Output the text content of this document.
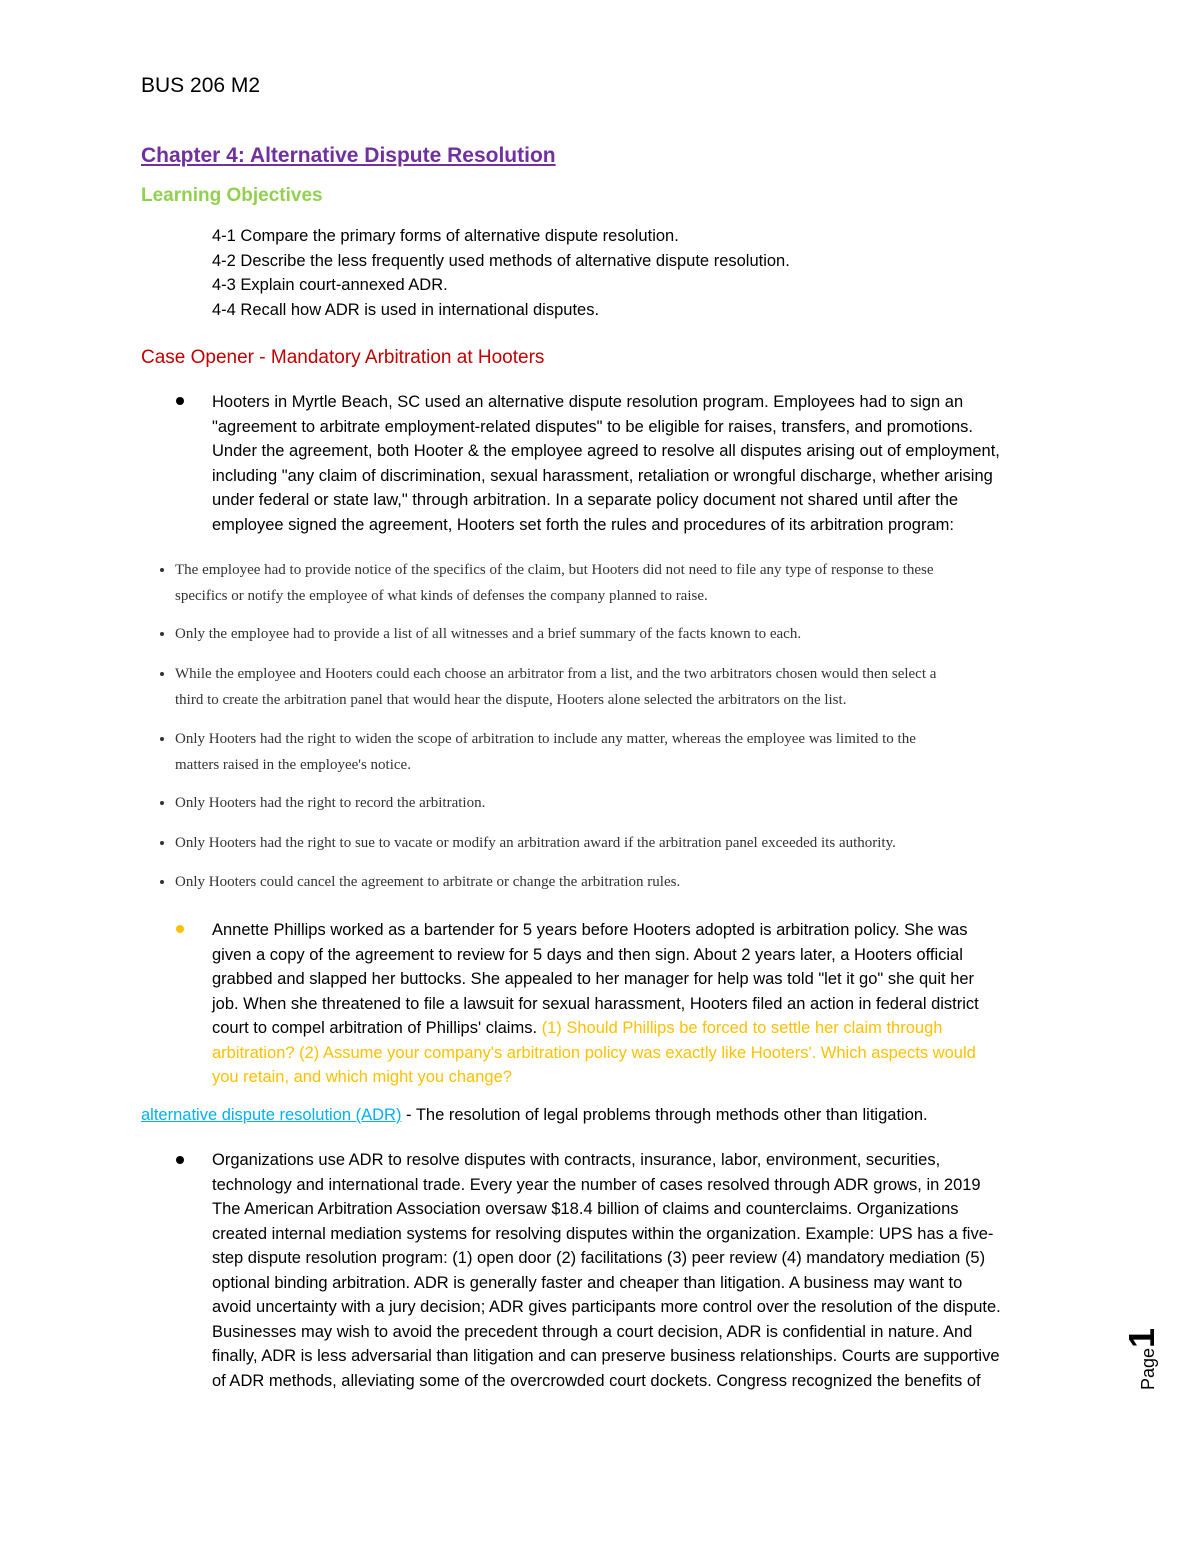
BUS 206 M2
Chapter 4: Alternative Dispute Resolution
Learning Objectives
4-1 Compare the primary forms of alternative dispute resolution.
4-2 Describe the less frequently used methods of alternative dispute resolution.
4-3 Explain court-annexed ADR.
4-4 Recall how ADR is used in international disputes.
Case Opener - Mandatory Arbitration at Hooters
Hooters in Myrtle Beach, SC used an alternative dispute resolution program. Employees had to sign an
"agreement to arbitrate employment-related disputes" to be eligible for raises, transfers, and promotions.
Under the agreement, both Hooter & the employee agreed to resolve all disputes arising out of employment,
including "any claim of discrimination, sexual harassment, retaliation or wrongful discharge, whether arising
under federal or state law," through arbitration. In a separate policy document not shared until after the
employee signed the agreement, Hooters set forth the rules and procedures of its arbitration program:
The employee had to provide notice of the specifics of the claim, but Hooters did not need to file any type of response to these
specifics or notify the employee of what kinds of defenses the company planned to raise.
Only the employee had to provide a list of all witnesses and a brief summary of the facts known to each.
While the employee and Hooters could each choose an arbitrator from a list, and the two arbitrators chosen would then select a
third to create the arbitration panel that would hear the dispute, Hooters alone selected the arbitrators on the list.
Only Hooters had the right to widen the scope of arbitration to include any matter, whereas the employee was limited to the
matters raised in the employee's notice.
Only Hooters had the right to record the arbitration.
Only Hooters had the right to sue to vacate or modify an arbitration award if the arbitration panel exceeded its authority.
Only Hooters could cancel the agreement to arbitrate or change the arbitration rules.
Annette Phillips worked as a bartender for 5 years before Hooters adopted is arbitration policy. She was
given a copy of the agreement to review for 5 days and then sign. About 2 years later, a Hooters official
grabbed and slapped her buttocks. She appealed to her manager for help was told "let it go" she quit her
job. When she threatened to file a lawsuit for sexual harassment, Hooters filed an action in federal district
court to compel arbitration of Phillips' claims. (1) Should Phillips be forced to settle her claim through
arbitration? (2) Assume your company's arbitration policy was exactly like Hooters'. Which aspects would
you retain, and which might you change?
alternative dispute resolution (ADR) - The resolution of legal problems through methods other than litigation.
Organizations use ADR to resolve disputes with contracts, insurance, labor, environment, securities,
technology and international trade. Every year the number of cases resolved through ADR grows, in 2019
The American Arbitration Association oversaw $18.4 billion of claims and counterclaims. Organizations
created internal mediation systems for resolving disputes within the organization. Example: UPS has a five-
step dispute resolution program: (1) open door (2) facilitations (3) peer review (4) mandatory mediation (5)
optional binding arbitration. ADR is generally faster and cheaper than litigation. A business may want to
avoid uncertainty with a jury decision; ADR gives participants more control over the resolution of the dispute.
Businesses may wish to avoid the precedent through a court decision, ADR is confidential in nature. And
finally, ADR is less adversarial than litigation and can preserve business relationships. Courts are supportive
of ADR methods, alleviating some of the overcrowded court dockets. Congress recognized the benefits of	Page1
